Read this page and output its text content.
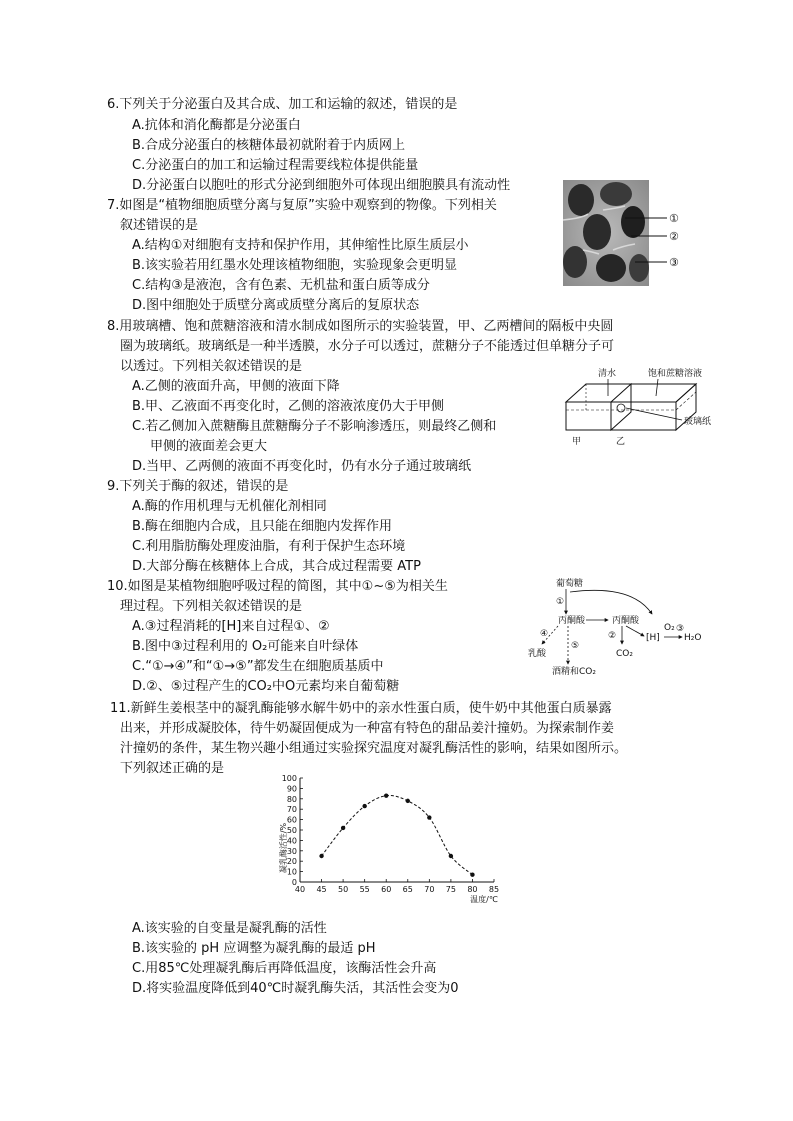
6.下列关于分泌蛋白及其合成、加工和运输的叙述，错误的是
A.抗体和消化酶都是分泌蛋白
B.合成分泌蛋白的核糖体最初就附着于内质网上
C.分泌蛋白的加工和运输过程需要线粒体提供能量
D.分泌蛋白以胞吐的形式分泌到细胞外可体现出细胞膜具有流动性
7.如图是“植物细胞质壁分离与复原”实验中观察到的物像。下列相关
叙述错误的是
A.结构①对细胞有支持和保护作用，其伸缩性比原生质层小
B.该实验若用红墨水处理该植物细胞，实验现象会更明显
C.结构③是液泡，含有色素、无机盐和蛋白质等成分
D.图中细胞处于质壁分离或质壁分离后的复原状态
①
②
③
8.用玻璃槽、饱和蔗糖溶液和清水制成如图所示的实验装置，甲、乙两槽间的隔板中央圆
圈为玻璃纸。玻璃纸是一种半透膜，水分子可以透过，蔗糖分子不能透过但单糖分子可
以透过。下列相关叙述错误的是
A.乙侧的液面升高，甲侧的液面下降
B.甲、乙液面不再变化时，乙侧的溶液浓度仍大于甲侧
C.若乙侧加入蔗糖酶且蔗糖酶分子不影响渗透压，则最终乙侧和
甲侧的液面差会更大
D.当甲、乙两侧的液面不再变化时，仍有水分子通过玻璃纸
清水	饱和蔗糖溶液
玻璃纸
甲	乙
9.下列关于酶的叙述，错误的是
A.酶的作用机理与无机催化剂相同
B.酶在细胞内合成，且只能在细胞内发挥作用
C.利用脂肪酶处理废油脂，有利于保护生态环境
D.大部分酶在核糖体上合成，其合成过程需要 ATP
10.如图是某植物细胞呼吸过程的简图，其中①~⑤为相关生
理过程。下列相关叙述错误的是
A.③过程消耗的[H]来自过程①、②
B.图中③过程利用的 O₂可能来自叶绿体
C.“①→④”和“①→⑤”都发生在细胞质基质中
D.②、⑤过程产生的CO₂中O元素均来自葡萄糖
葡萄糖
①
丙酮酸	丙酮酸
②	[H]
O₂ ③
H₂O
CO₂
④
乳酸
⑤
酒精和CO₂
11.新鲜生姜根茎中的凝乳酶能够水解牛奶中的亲水性蛋白质，使牛奶中其他蛋白质暴露
出来，并形成凝胶体，待牛奶凝固便成为一种富有特色的甜品姜汁撞奶。为探索制作姜
汁撞奶的条件，某生物兴趣小组通过实验探究温度对凝乳酶活性的影响，结果如图所示。
下列叙述正确的是
凝乳酶活性/%
温度/℃
0
10
20
30
40
50
60
70
80
90
100
40 45 50 55 60 65 70 75 80 85
A.该实验的自变量是凝乳酶的活性
B.该实验的 pH 应调整为凝乳酶的最适 pH
C.用85℃处理凝乳酶后再降低温度，该酶活性会升高
D.将实验温度降低到40℃时凝乳酶失活，其活性会变为0
